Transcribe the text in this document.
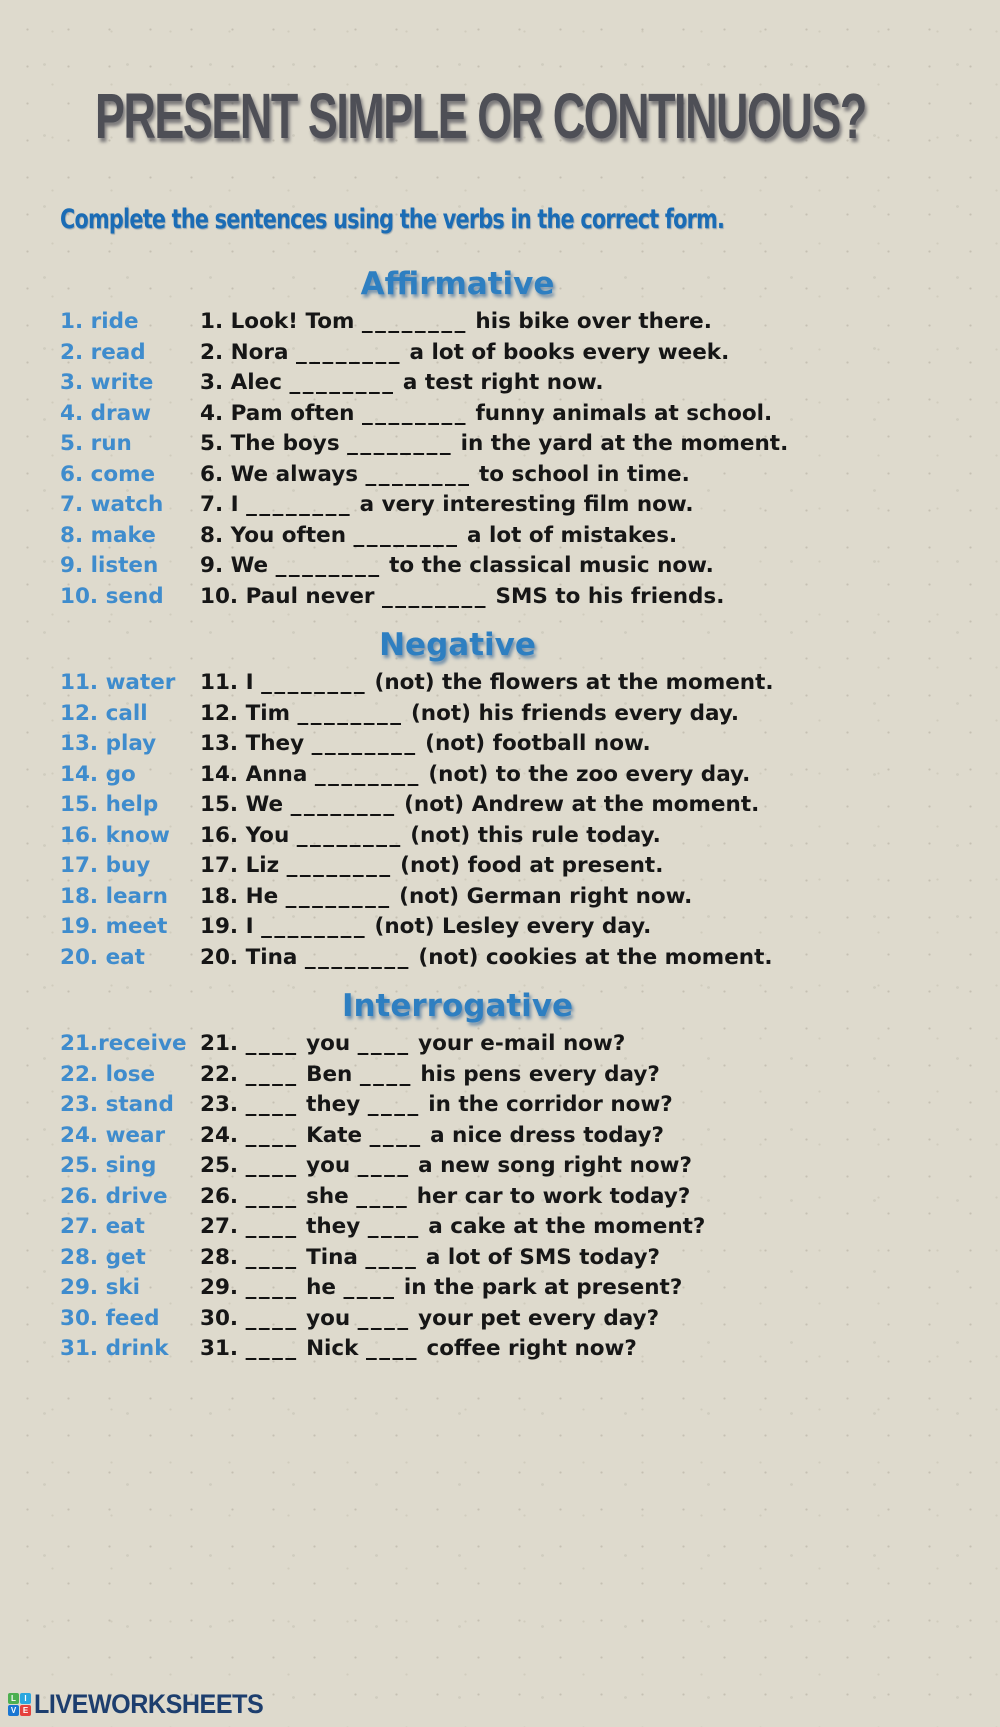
PRESENT SIMPLE OR CONTINUOUS?
Complete the sentences using the verbs in the correct form.
Affirmative
1. ride	1. Look! Tom ________ his bike over there.
2. read	2. Nora ________ a lot of books every week.
3. write	3. Alec ________ a test right now.
4. draw	4. Pam often ________ funny animals at school.
5. run	5. The boys ________ in the yard at the moment.
6. come	6. We always ________ to school in time.
7. watch	7. I ________ a very interesting film now.
8. make	8. You often ________ a lot of mistakes.
9. listen	9. We ________ to the classical music now.
10. send	10. Paul never ________ SMS to his friends.
Negative
11. water	11. I ________ (not) the flowers at the moment.
12. call	12. Tim ________ (not) his friends every day.
13. play	13. They ________ (not) football now.
14. go	14. Anna ________ (not) to the zoo every day.
15. help	15. We ________ (not) Andrew at the moment.
16. know	16. You ________ (not) this rule today.
17. buy	17. Liz ________ (not) food at present.
18. learn	18. He ________ (not) German right now.
19. meet	19. I ________ (not) Lesley every day.
20. eat	20. Tina ________ (not) cookies at the moment.
Interrogative
21.receive 21. ____ you ____ your e-mail now?
22. lose	22. ____ Ben ____ his pens every day?
23. stand	23. ____ they ____ in the corridor now?
24. wear	24. ____ Kate ____ a nice dress today?
25. sing	25. ____ you ____ a new song right now?
26. drive	26. ____ she ____ her car to work today?
27. eat	27. ____ they ____ a cake at the moment?
28. get	28. ____ Tina ____ a lot of SMS today?
29. ski	29. ____ he ____ in the park at present?
30. feed	30. ____ you ____ your pet every day?
31. drink	31. ____ Nick ____ coffee right now?
L	I
V E LIVEWORKSHEETS
